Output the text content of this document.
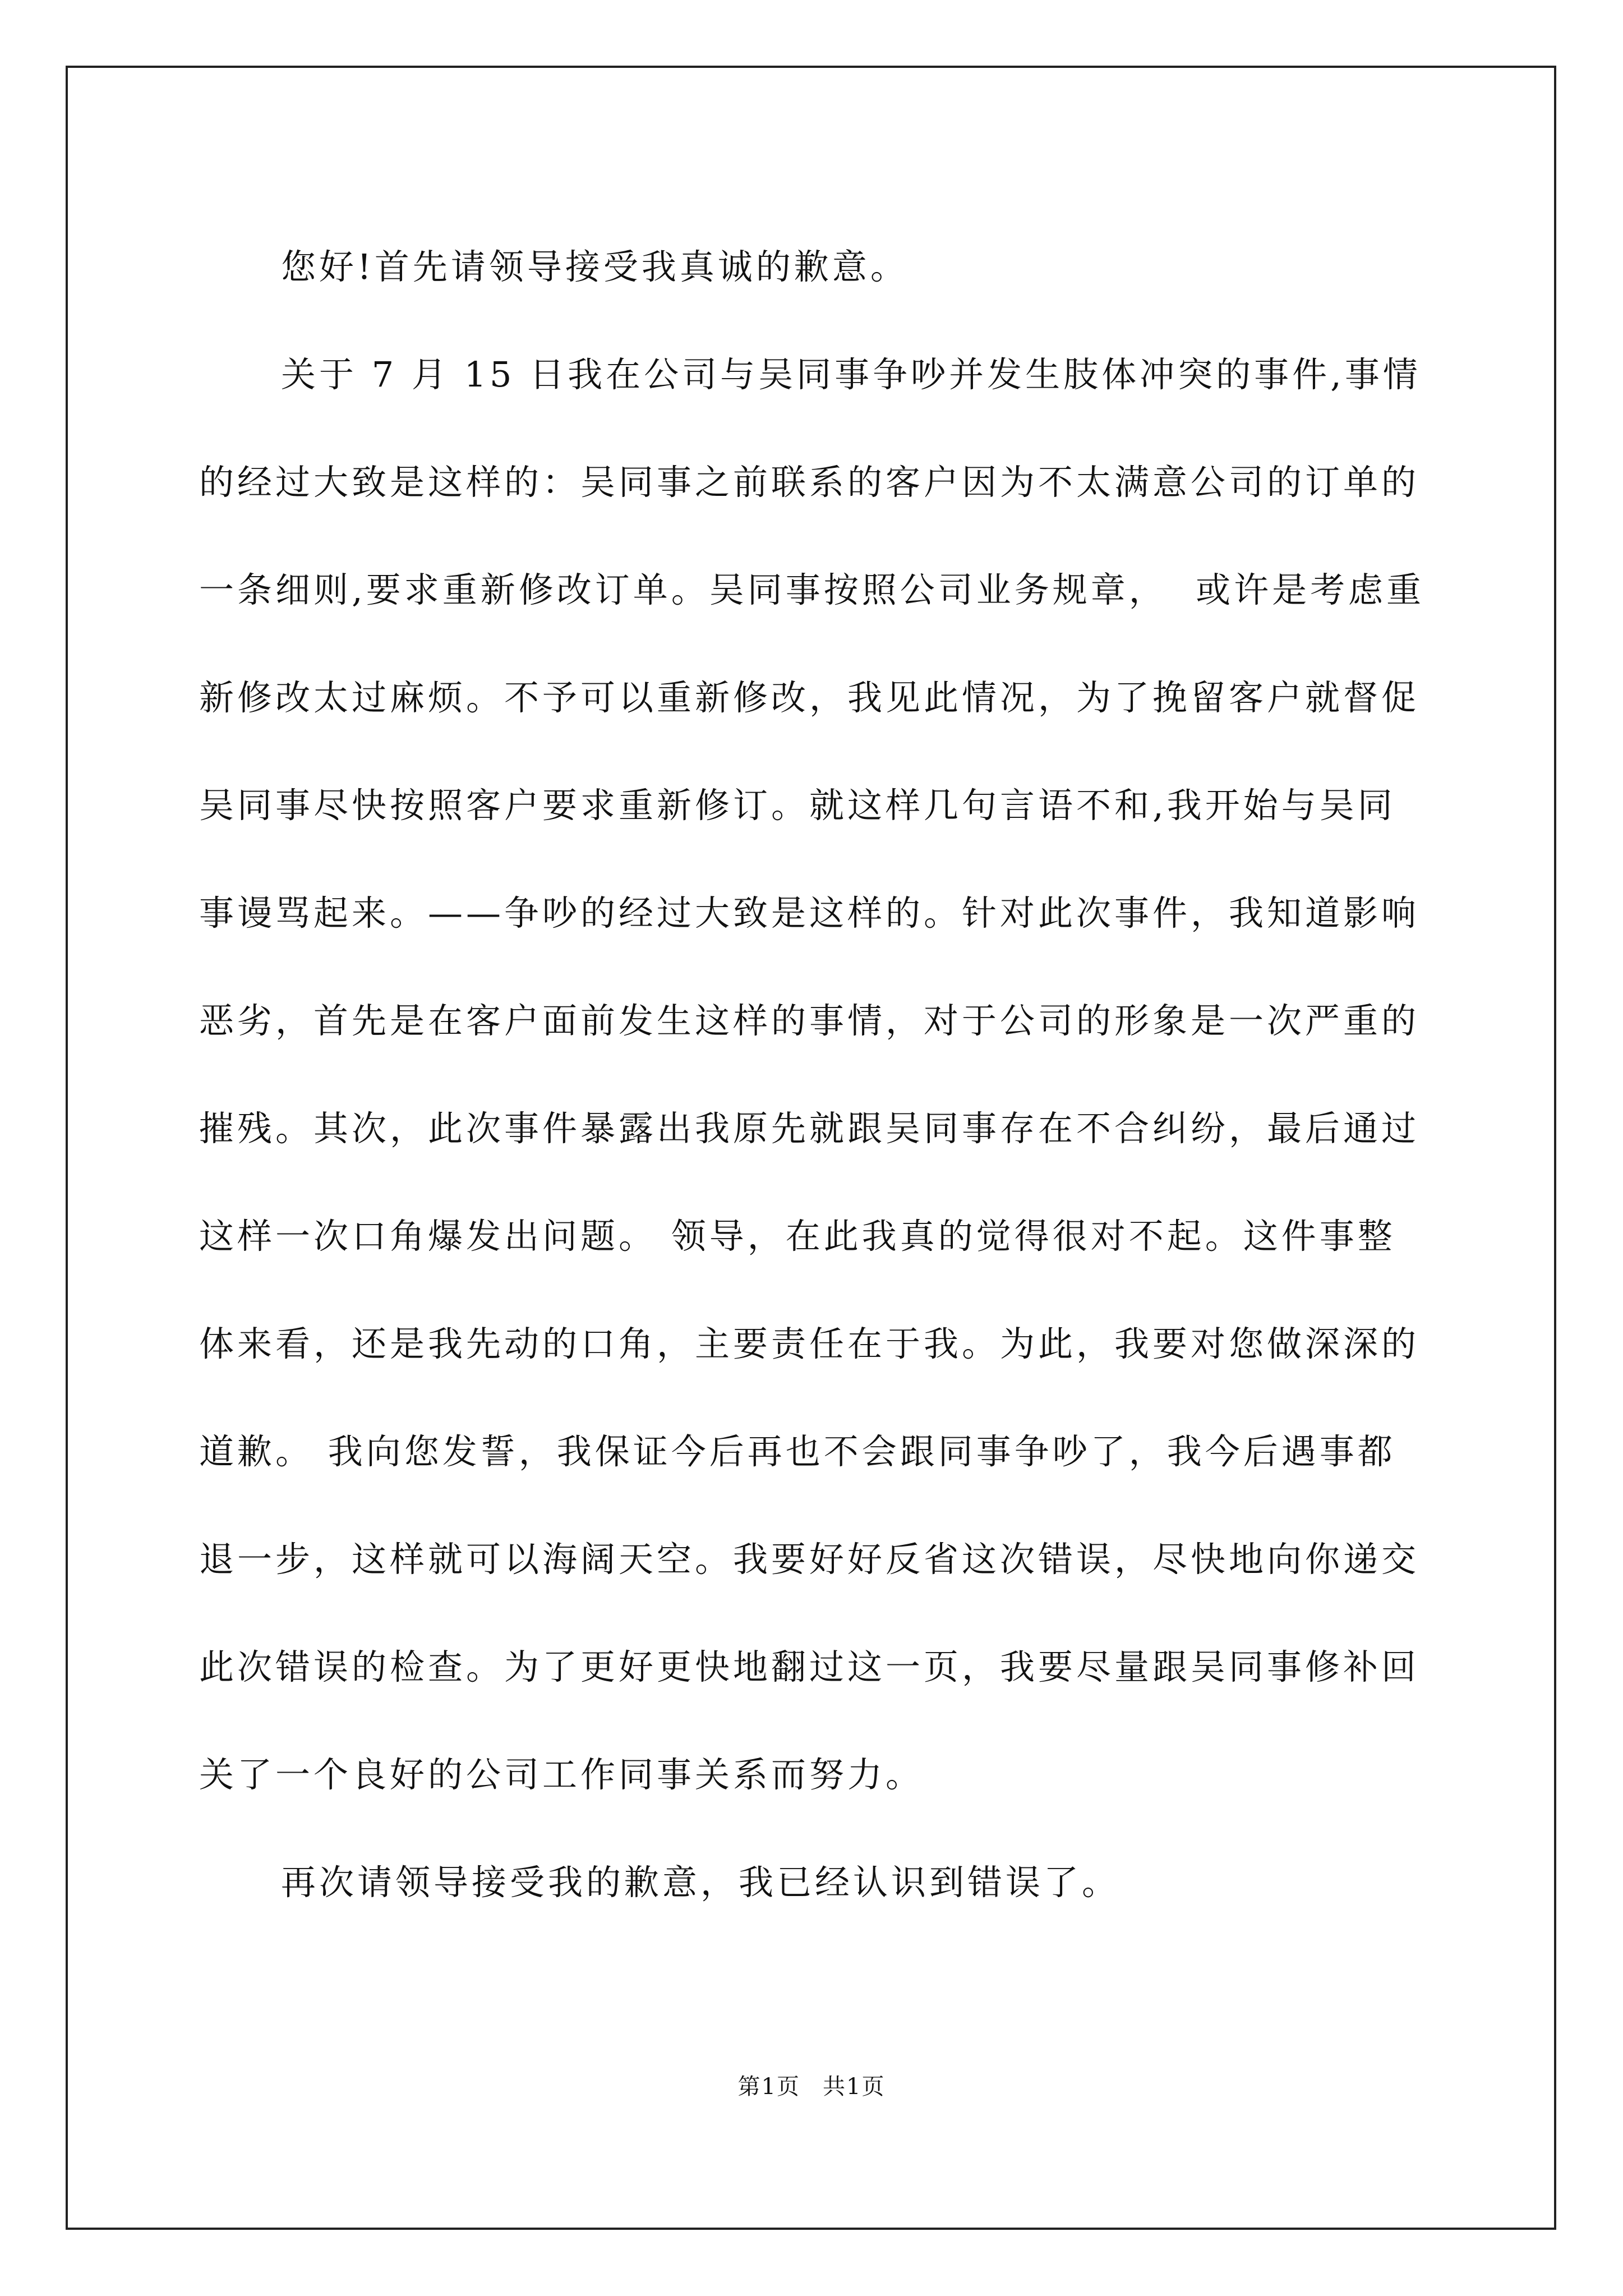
您好!首先请领导接受我真诚的歉意。

关于 7 月 15 日我在公司与吴同事争吵并发生肢体冲突的事件,事情的经过大致是这样的：吴同事之前联系的客户因为不太满意公司的订单的一条细则,要求重新修改订单。吴同事按照公司业务规章，  或许是考虑重新修改太过麻烦。不予可以重新修改，我见此情况，为了挽留客户就督促吴同事尽快按照客户要求重新修订。就这样几句言语不和,我开始与吴同事谩骂起来。——争吵的经过大致是这样的。针对此次事件，我知道影响恶劣，首先是在客户面前发生这样的事情，对于公司的形象是一次严重的摧残。其次，此次事件暴露出我原先就跟吴同事存在不合纠纷，最后通过这样一次口角爆发出问题。 领导，在此我真的觉得很对不起。这件事整体来看，还是我先动的口角，主要责任在于我。为此，我要对您做深深的道歉。 我向您发誓，我保证今后再也不会跟同事争吵了，我今后遇事都退一步，这样就可以海阔天空。我要好好反省这次错误，尽快地向你递交此次错误的检查。为了更好更快地翻过这一页，我要尽量跟吴同事修补回关了一个良好的公司工作同事关系而努力。

再次请领导接受我的歉意，我已经认识到错误了。

第1页 共1页
